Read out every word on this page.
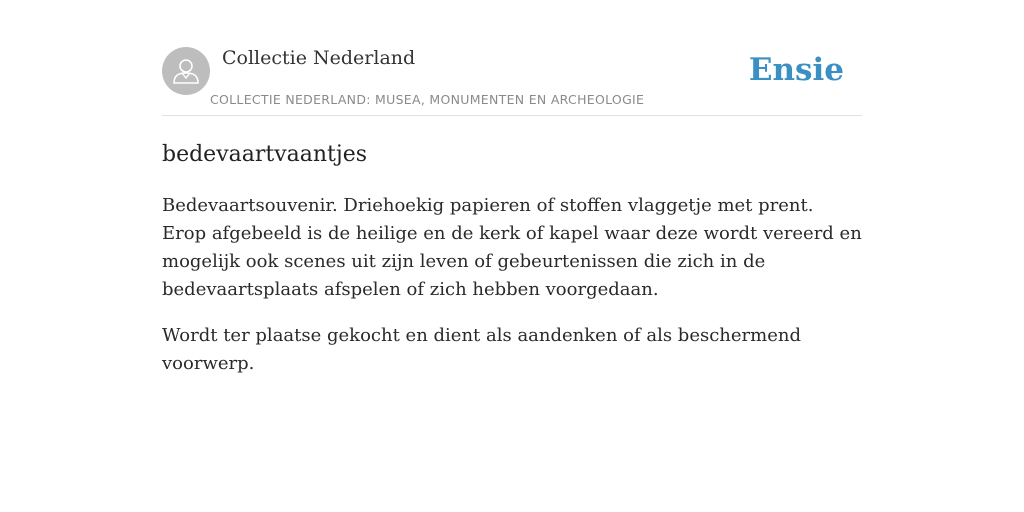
Collectie Nederland
COLLECTIE NEDERLAND: MUSEA, MONUMENTEN EN ARCHEOLOGIE
Ensie
bedevaartvaantjes

Bedevaartsouvenir. Driehoekig papieren of stoffen vlaggetje met prent. Erop afgebeeld is de heilige en de kerk of kapel waar deze wordt vereerd en mogelijk ook scenes uit zijn leven of gebeurtenissen die zich in de bedevaartsplaats afspelen of zich hebben voorgedaan.

Wordt ter plaatse gekocht en dient als aandenken of als beschermend voorwerp.
